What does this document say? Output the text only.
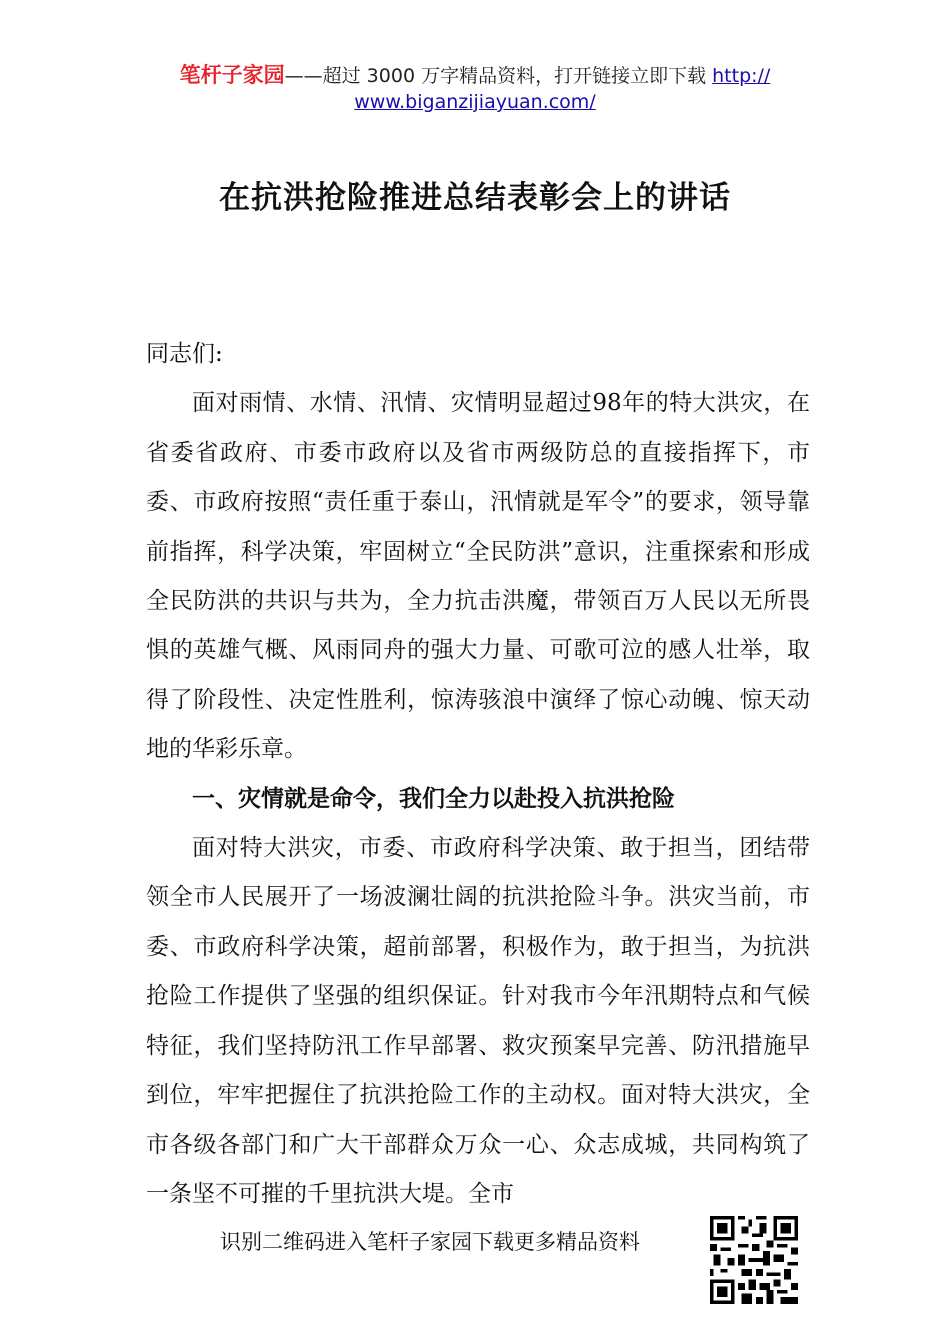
笔杆子家园——超过 3000 万字精品资料，打开链接立即下载 http://
www.biganzijiayuan.com/
在抗洪抢险推进总结表彰会上的讲话

同志们:

面对雨情、水情、汛情、灾情明显超过98年的特大洪灾，在省委省政府、市委市政府以及省市两级防总的直接指挥下，市委、市政府按照“责任重于泰山，汛情就是军令”的要求，领导靠前指挥，科学决策，牢固树立“全民防洪”意识，注重探索和形成全民防洪的共识与共为，全力抗击洪魔，带领百万人民以无所畏惧的英雄气概、风雨同舟的强大力量、可歌可泣的感人壮举，取得了阶段性、决定性胜利，惊涛骇浪中演绎了惊心动魄、惊天动地的华彩乐章。

一、灾情就是命令，我们全力以赴投入抗洪抢险

面对特大洪灾，市委、市政府科学决策、敢于担当，团结带领全市人民展开了一场波澜壮阔的抗洪抢险斗争。洪灾当前，市委、市政府科学决策，超前部署，积极作为，敢于担当，为抗洪抢险工作提供了坚强的组织保证。针对我市今年汛期特点和气候特征，我们坚持防汛工作早部署、救灾预案早完善、防汛措施早到位，牢牢把握住了抗洪抢险工作的主动权。面对特大洪灾，全市各级各部门和广大干部群众万众一心、众志成城，共同构筑了一条坚不可摧的千里抗洪大堤。全市

识别二维码进入笔杆子家园下载更多精品资料
